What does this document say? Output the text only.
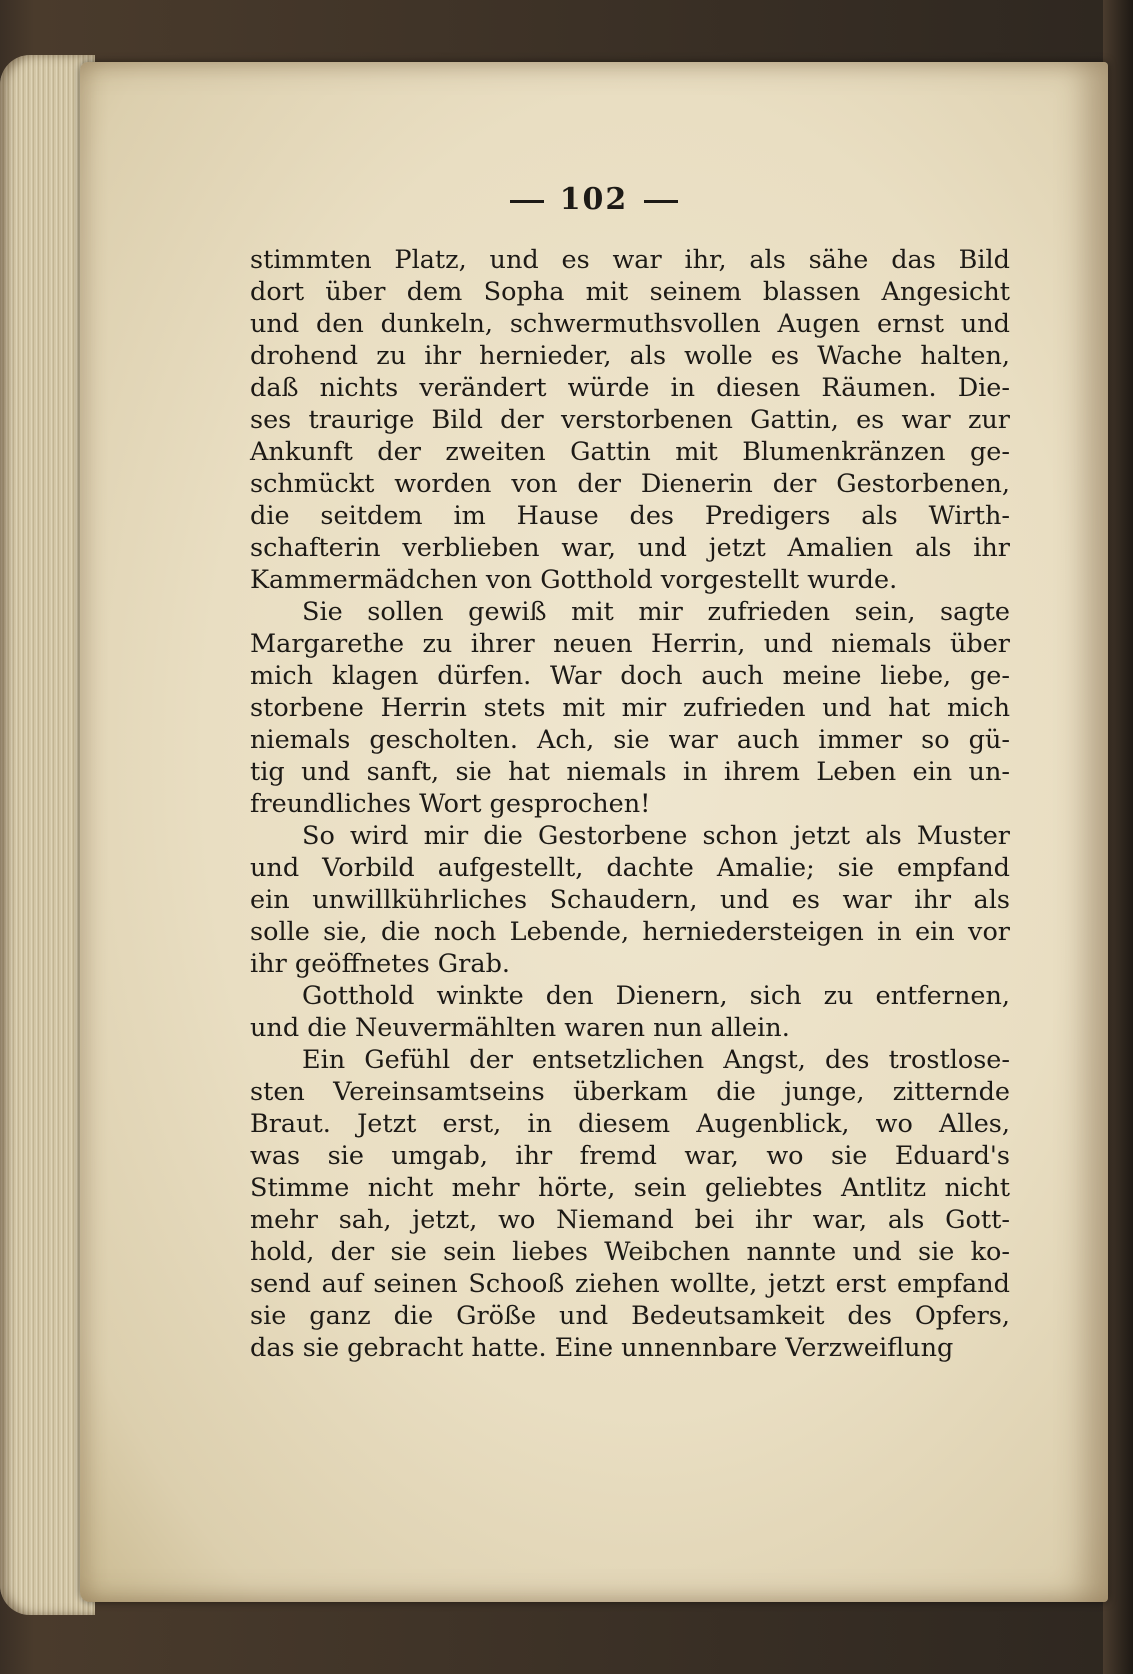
102

stimmten Platz, und es war ihr, als sähe das Bild
dort über dem Sopha mit seinem blassen Angesicht
und den dunkeln, schwermuthsvollen Augen ernst und
drohend zu ihr hernieder, als wolle es Wache halten,
daß nichts verändert würde in diesen Räumen. Die-
ses traurige Bild der verstorbenen Gattin, es war zur
Ankunft der zweiten Gattin mit Blumenkränzen ge-
schmückt worden von der Dienerin der Gestorbenen,
die seitdem im Hause des Predigers als Wirth-
schafterin verblieben war, und jetzt Amalien als ihr
Kammermädchen von Gotthold vorgestellt wurde.

Sie sollen gewiß mit mir zufrieden sein, sagte
Margarethe zu ihrer neuen Herrin, und niemals über
mich klagen dürfen. War doch auch meine liebe, ge-
storbene Herrin stets mit mir zufrieden und hat mich
niemals gescholten. Ach, sie war auch immer so gü-
tig und sanft, sie hat niemals in ihrem Leben ein un-
freundliches Wort gesprochen!

So wird mir die Gestorbene schon jetzt als Muster
und Vorbild aufgestellt, dachte Amalie; sie empfand
ein unwillkührliches Schaudern, und es war ihr als
solle sie, die noch Lebende, herniedersteigen in ein vor
ihr geöffnetes Grab.

Gotthold winkte den Dienern, sich zu entfernen,
und die Neuvermählten waren nun allein.

Ein Gefühl der entsetzlichen Angst, des trostlose-
sten Vereinsamtseins überkam die junge, zitternde
Braut. Jetzt erst, in diesem Augenblick, wo Alles,
was sie umgab, ihr fremd war, wo sie Eduard's
Stimme nicht mehr hörte, sein geliebtes Antlitz nicht
mehr sah, jetzt, wo Niemand bei ihr war, als Gott-
hold, der sie sein liebes Weibchen nannte und sie ko-
send auf seinen Schooß ziehen wollte, jetzt erst empfand
sie ganz die Größe und Bedeutsamkeit des Opfers,
das sie gebracht hatte. Eine unnennbare Verzweiflung
